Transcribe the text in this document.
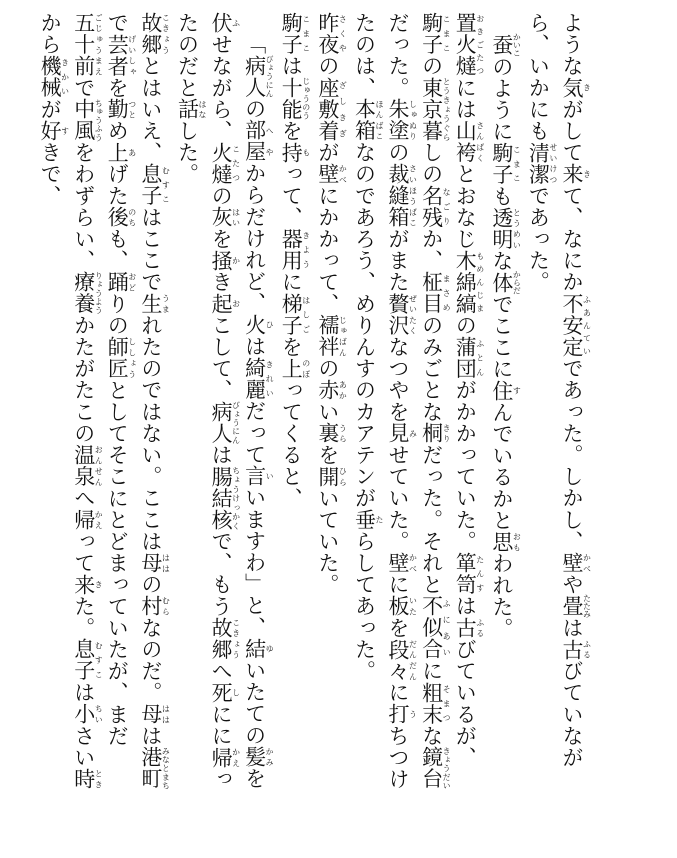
ような気きがして来きて、なにか不安定ふあんていであった。しかし、壁かべや畳たたみは古ふるびていながら、いかにも清潔せいけつであった。

蚕かいこのように駒子こまこも透明とうめいな体からだでここに住すんでいるかと思おもわれた。

置火燵おきごたつには山袴さんばくとおなじ木綿縞もめんじまの蒲団ふとんがかかっていた。箪笥たんすは古ふるびているが、駒子こまこの東京暮とうきょうぐらしの名残なごりか、柾目まさめのみごとな桐きりだった。それと不似合ふにあいに粗末そまつな鏡台きょうだいだった。朱塗しゅぬりの裁縫箱さいほうばこがまた贅沢ぜいたくなつやを見みせていた。壁かべに板いたを段々だんだんに打うちつけたのは、本箱ほんばこなのであろう、めりんすのカアテンが垂たらしてあった。

昨夜さくやの座敷着ざしきぎが壁かべにかかって、襦袢じゅばんの赤あかい裏うらを開ひらいていた。

駒子こまこは十能じゅうのうを持もって、器用きように梯子はしごを上のぼってくると、

「病人びょうにんの部屋へやからだけれど、火ひは綺麗きれいだって言いいますわ」と、結ゆいたての髪かみを伏ふせながら、火燵こたつの灰はいを掻かき起おこして、病人びょうにんは腸結核ちょうけっかくで、もう故郷こきょうへ死しにに帰かえったのだと話はなした。

故郷こきょうとはいえ、息子むすこはここで生うまれたのではない。ここは母ははの村むらなのだ。母ははは港町みなとまちで芸者げいしゃを勤つとめ上あげた後のちも、踊おどりの師匠ししょうとしてそこにとどまっていたが、まだ五十前ごじゅうまえで中風ちゅうふうをわずらい、療養りょうようかたがたこの温泉おんせんへ帰かえって来きた。息子むすこは小ちいさい時ときから機械きかいが好すきで、
